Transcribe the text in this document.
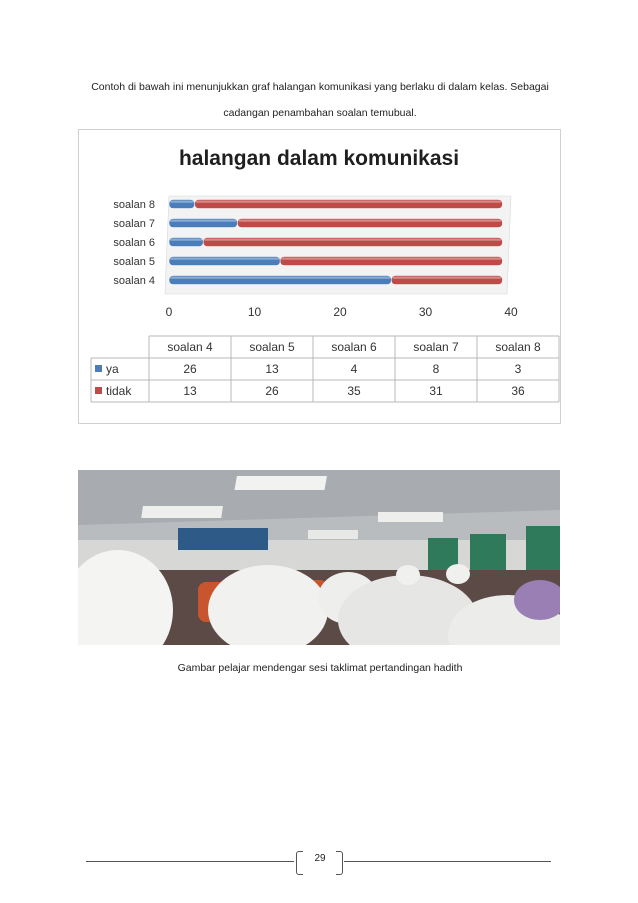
Contoh di bawah ini menunjukkan graf halangan komunikasi yang berlaku di dalam kelas. Sebagai cadangan penambahan soalan temubual.
halangan dalam komunikasi
soalan 4
soalan 5
soalan 6
soalan 7
soalan 8
0	10	20	30	40
soalan 4	soalan 5	soalan 6	soalan 7	soalan 8
ya	26	13	4	8	3
tidak	13	26	35	31	36
Gambar pelajar mendengar sesi taklimat pertandingan hadith
29
